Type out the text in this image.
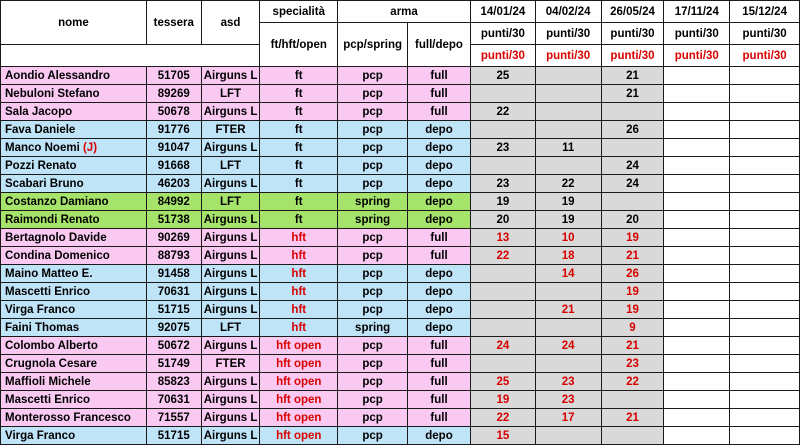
nome	tessera	asd	specialità	arma		14/01/24	04/02/24	26/05/24	17/11/24	15/12/24
			ft/hft/open	pcp/spring	full/depo	punti/30	punti/30	punti/30	punti/30	punti/30
						punti/30	punti/30	punti/30	punti/30	punti/30
Aondio Alessandro	51705	Airguns L	ft	pcp	full	25		21		
Nebuloni Stefano	89269	LFT	ft	pcp	full			21		
Sala Jacopo	50678	Airguns L	ft	pcp	full	22				
Fava Daniele	91776	FTER	ft	pcp	depo			26		
Manco Noemi (J)	91047	Airguns L	ft	pcp	depo	23	11			
Pozzi Renato	91668	LFT	ft	pcp	depo			24		
Scabari Bruno	46203	Airguns L	ft	pcp	depo	23	22	24		
Costanzo Damiano	84992	LFT	ft	spring	depo	19	19			
Raimondi Renato	51738	Airguns L	ft	spring	depo	20	19	20		
Bertagnolo Davide	90269	Airguns L	hft	pcp	full	13	10	19		
Condina Domenico	88793	Airguns L	hft	pcp	full	22	18	21		
Maino Matteo E.	91458	Airguns L	hft	pcp	depo		14	26		
Mascetti Enrico	70631	Airguns L	hft	pcp	depo			19		
Virga Franco	51715	Airguns L	hft	pcp	depo		21	19		
Faini Thomas	92075	LFT	hft	spring	depo			9		
Colombo Alberto	50672	Airguns L	hft open	pcp	full	24	24	21		
Crugnola Cesare	51749	FTER	hft open	pcp	full			23		
Maffioli Michele	85823	Airguns L	hft open	pcp	full	25	23	22		
Mascetti Enrico	70631	Airguns L	hft open	pcp	full	19	23			
Monterosso Francesco	71557	Airguns L	hft open	pcp	full	22	17	21		
Virga Franco	51715	Airguns L	hft open	pcp	depo	15				
